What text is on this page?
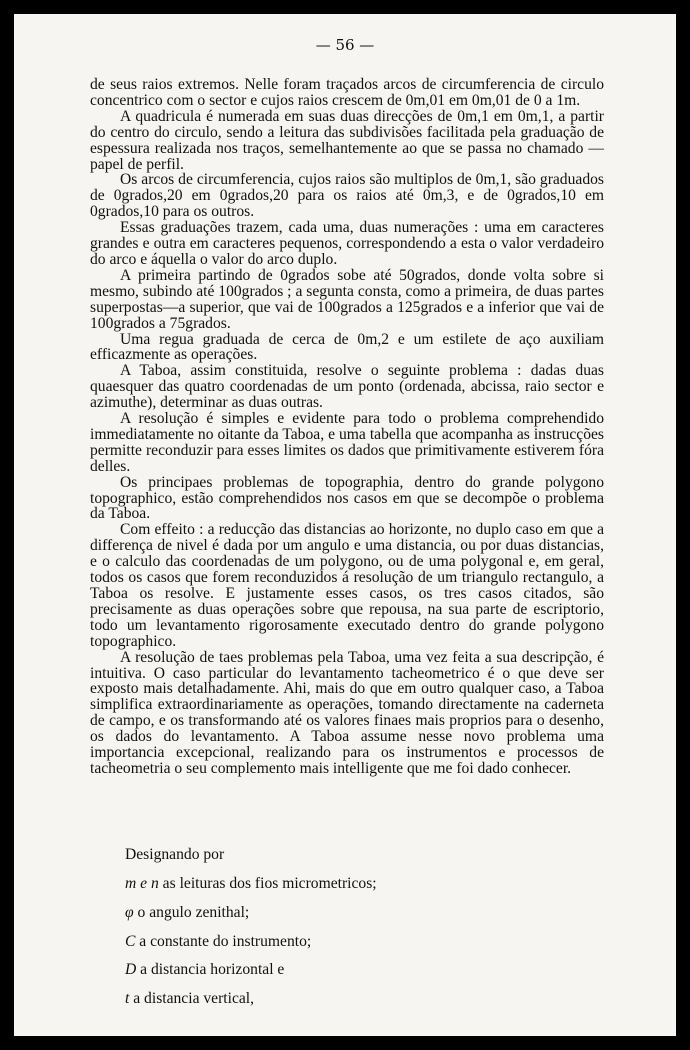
— 56 —

de seus raios extremos. Nelle foram traçados arcos de circumferencia de circulo concentrico com o sector e cujos raios crescem de 0m,01 em 0m,01 de 0 a 1m.

A quadricula é numerada em suas duas direcções de 0m,1 em 0m,1, a partir do centro do circulo, sendo a leitura das subdivisões facilitada pela graduação de espessura realizada nos traços, semelhantemente ao que se passa no chamado — papel de perfil.

Os arcos de circumferencia, cujos raios são multiplos de 0m,1, são graduados de 0grados,20 em 0grados,20 para os raios até 0m,3, e de 0grados,10 em 0grados,10 para os outros.

Essas graduações trazem, cada uma, duas numerações : uma em caracteres grandes e outra em caracteres pequenos, correspondendo a esta o valor verdadeiro do arco e áquella o valor do arco duplo.

A primeira partindo de 0grados sobe até 50grados, donde volta sobre si mesmo, subindo até 100grados ; a segunta consta, como a primeira, de duas partes superpostas—a superior, que vai de 100grados a 125grados e a inferior que vai de 100grados a 75grados.

Uma regua graduada de cerca de 0m,2 e um estilete de aço auxiliam efficazmente as operações.

A Taboa, assim constituida, resolve o seguinte problema : dadas duas quaesquer das quatro coordenadas de um ponto (ordenada, abcissa, raio sector e azimuthe), determinar as duas outras.

A resolução é simples e evidente para todo o problema comprehendido immediatamente no oitante da Taboa, e uma tabella que acompanha as instrucções permitte reconduzir para esses limites os dados que primitivamente estiverem fóra delles.

Os principaes problemas de topographia, dentro do grande polygono topographico, estão comprehendidos nos casos em que se decompõe o problema da Taboa.

Com effeito : a reducção das distancias ao horizonte, no duplo caso em que a differença de nivel é dada por um angulo e uma distancia, ou por duas distancias, e o calculo das coordenadas de um polygono, ou de uma polygonal e, em geral, todos os casos que forem reconduzidos á resolução de um triangulo rectangulo, a Taboa os resolve. E justamente esses casos, os tres casos citados, são precisamente as duas operações sobre que repousa, na sua parte de escriptorio, todo um levantamento rigorosamente executado dentro do grande polygono topographico.

A resolução de taes problemas pela Taboa, uma vez feita a sua descripção, é intuitiva. O caso particular do levantamento tacheometrico é o que deve ser exposto mais detalhadamente. Ahi, mais do que em outro qualquer caso, a Taboa simplifica extraordinariamente as operações, tomando directamente na caderneta de campo, e os transformando até os valores finaes mais proprios para o desenho, os dados do levantamento. A Taboa assume nesse novo problema uma importancia excepcional, realizando para os instrumentos e processos de tacheometria o seu complemento mais intelligente que me foi dado conhecer.

Designando por
m e n as leituras dos fios micrometricos;
φ o angulo zenithal;
C a constante do instrumento;
D a distancia horizontal e
t a distancia vertical,
